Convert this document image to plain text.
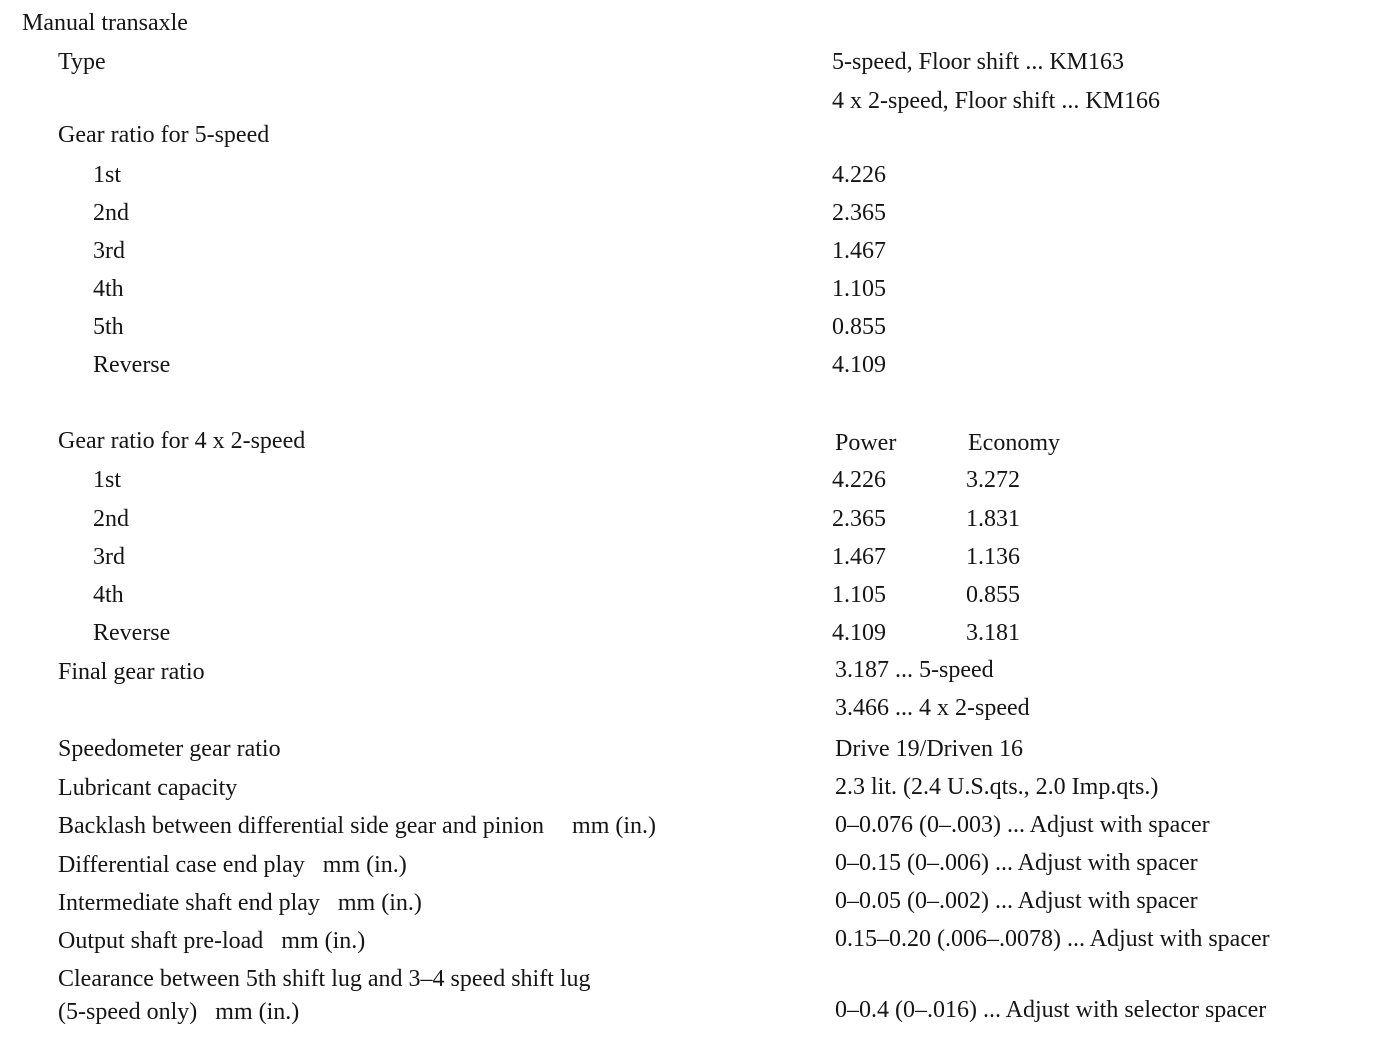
Manual transaxle
Type	5-speed, Floor shift ... KM163
4 x 2-speed, Floor shift ... KM166
Gear ratio for 5-speed
1st	4.226
2nd	2.365
3rd	1.467
4th	1.105
5th	0.855
Reverse	4.109
Gear ratio for 4 x 2-speed	Power	Economy
1st	4.226	3.272
2nd	2.365	1.831
3rd	1.467	1.136
4th	1.105	0.855
Reverse	4.109	3.181
Final gear ratio	3.187 ... 5-speed
3.466 ... 4 x 2-speed
Speedometer gear ratio	Drive 19/Driven 16
Lubricant capacity	2.3 lit. (2.4 U.S.qts., 2.0 Imp.qts.)
Backlash between differential side gear and pinion mm (in.)	0–0.076 (0–.003) ... Adjust with spacer
Differential case end play mm (in.)	0–0.15 (0–.006) ... Adjust with spacer
Intermediate shaft end play mm (in.)	0–0.05 (0–.002) ... Adjust with spacer
Output shaft pre-load mm (in.)	0.15–0.20 (.006–.0078) ... Adjust with spacer
Clearance between 5th shift lug and 3–4 speed shift lug
(5-speed only) mm (in.)	0–0.4 (0–.016) ... Adjust with selector spacer
